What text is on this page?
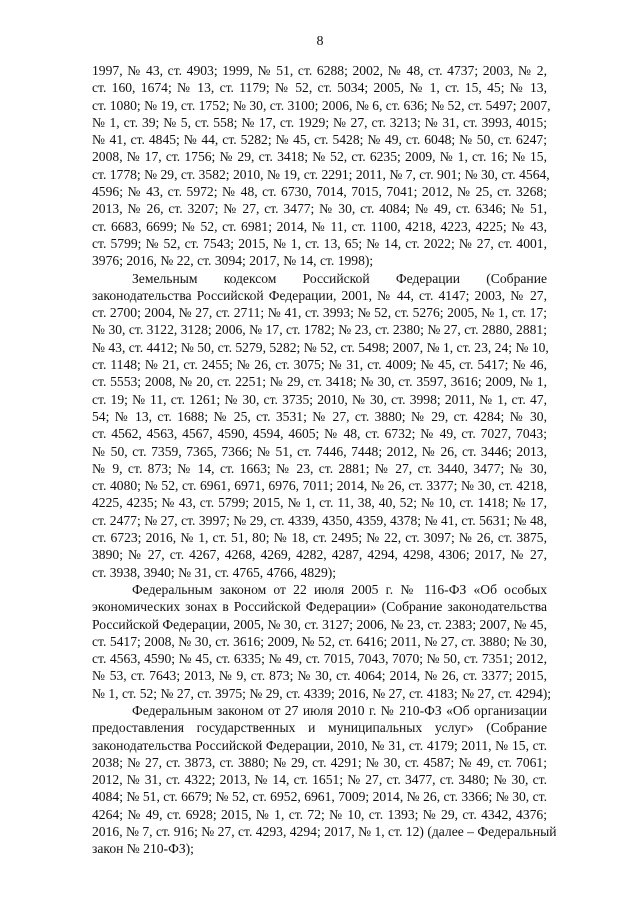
8
1997, № 43, ст. 4903; 1999, № 51, ст. 6288; 2002, № 48, ст. 4737; 2003, № 2,
ст. 160, 1674; № 13, ст. 1179; № 52, ст. 5034; 2005, № 1, ст. 15, 45; № 13,
ст. 1080; № 19, ст. 1752; № 30, ст. 3100; 2006, № 6, ст. 636; № 52, ст. 5497; 2007,
№ 1, ст. 39; № 5, ст. 558; № 17, ст. 1929; № 27, ст. 3213; № 31, ст. 3993, 4015;
№ 41, ст. 4845; № 44, ст. 5282; № 45, ст. 5428; № 49, ст. 6048; № 50, ст. 6247;
2008, № 17, ст. 1756; № 29, ст. 3418; № 52, ст. 6235; 2009, № 1, ст. 16; № 15,
ст. 1778; № 29, ст. 3582; 2010, № 19, ст. 2291; 2011, № 7, ст. 901; № 30, ст. 4564,
4596; № 43, ст. 5972; № 48, ст. 6730, 7014, 7015, 7041; 2012, № 25, ст. 3268;
2013, № 26, ст. 3207; № 27, ст. 3477; № 30, ст. 4084; № 49, ст. 6346; № 51,
ст. 6683, 6699; № 52, ст. 6981; 2014, № 11, ст. 1100, 4218, 4223, 4225; № 43,
ст. 5799; № 52, ст. 7543; 2015, № 1, ст. 13, 65; № 14, ст. 2022; № 27, ст. 4001,
3976; 2016, № 22, ст. 3094; 2017, № 14, ст. 1998);
Земельным кодексом Российской Федерации (Собрание
законодательства Российской Федерации, 2001, № 44, ст. 4147; 2003, № 27,
ст. 2700; 2004, № 27, ст. 2711; № 41, ст. 3993; № 52, ст. 5276; 2005, № 1, ст. 17;
№ 30, ст. 3122, 3128; 2006, № 17, ст. 1782; № 23, ст. 2380; № 27, ст. 2880, 2881;
№ 43, ст. 4412; № 50, ст. 5279, 5282; № 52, ст. 5498; 2007, № 1, ст. 23, 24; № 10,
ст. 1148; № 21, ст. 2455; № 26, ст. 3075; № 31, ст. 4009; № 45, ст. 5417; № 46,
ст. 5553; 2008, № 20, ст. 2251; № 29, ст. 3418; № 30, ст. 3597, 3616; 2009, № 1,
ст. 19; № 11, ст. 1261; № 30, ст. 3735; 2010, № 30, ст. 3998; 2011, № 1, ст. 47,
54; № 13, ст. 1688; № 25, ст. 3531; № 27, ст. 3880; № 29, ст. 4284; № 30,
ст. 4562, 4563, 4567, 4590, 4594, 4605; № 48, ст. 6732; № 49, ст. 7027, 7043;
№ 50, ст. 7359, 7365, 7366; № 51, ст. 7446, 7448; 2012, № 26, ст. 3446; 2013,
№ 9, ст. 873; № 14, ст. 1663; № 23, ст. 2881; № 27, ст. 3440, 3477; № 30,
ст. 4080; № 52, ст. 6961, 6971, 6976, 7011; 2014, № 26, ст. 3377; № 30, ст. 4218,
4225, 4235; № 43, ст. 5799; 2015, № 1, ст. 11, 38, 40, 52; № 10, ст. 1418; № 17,
ст. 2477; № 27, ст. 3997; № 29, ст. 4339, 4350, 4359, 4378; № 41, ст. 5631; № 48,
ст. 6723; 2016, № 1, ст. 51, 80; № 18, ст. 2495; № 22, ст. 3097; № 26, ст. 3875,
3890; № 27, ст. 4267, 4268, 4269, 4282, 4287, 4294, 4298, 4306; 2017, № 27,
ст. 3938, 3940; № 31, ст. 4765, 4766, 4829);
Федеральным законом от 22 июля 2005 г. № 116-ФЗ «Об особых
экономических зонах в Российской Федерации» (Собрание законодательства
Российской Федерации, 2005, № 30, ст. 3127; 2006, № 23, ст. 2383; 2007, № 45,
ст. 5417; 2008, № 30, ст. 3616; 2009, № 52, ст. 6416; 2011, № 27, ст. 3880; № 30,
ст. 4563, 4590; № 45, ст. 6335; № 49, ст. 7015, 7043, 7070; № 50, ст. 7351; 2012,
№ 53, ст. 7643; 2013, № 9, ст. 873; № 30, ст. 4064; 2014, № 26, ст. 3377; 2015,
№ 1, ст. 52; № 27, ст. 3975; № 29, ст. 4339; 2016, № 27, ст. 4183; № 27, ст. 4294);
Федеральным законом от 27 июля 2010 г. № 210-ФЗ «Об организации
предоставления государственных и муниципальных услуг» (Собрание
законодательства Российской Федерации, 2010, № 31, ст. 4179; 2011, № 15, ст.
2038; № 27, ст. 3873, ст. 3880; № 29, ст. 4291; № 30, ст. 4587; № 49, ст. 7061;
2012, № 31, ст. 4322; 2013, № 14, ст. 1651; № 27, ст. 3477, ст. 3480; № 30, ст.
4084; № 51, ст. 6679; № 52, ст. 6952, 6961, 7009; 2014, № 26, ст. 3366; № 30, ст.
4264; № 49, ст. 6928; 2015, № 1, ст. 72; № 10, ст. 1393; № 29, ст. 4342, 4376;
2016, № 7, ст. 916; № 27, ст. 4293, 4294; 2017, № 1, ст. 12) (далее – Федеральный
закон № 210-ФЗ);
